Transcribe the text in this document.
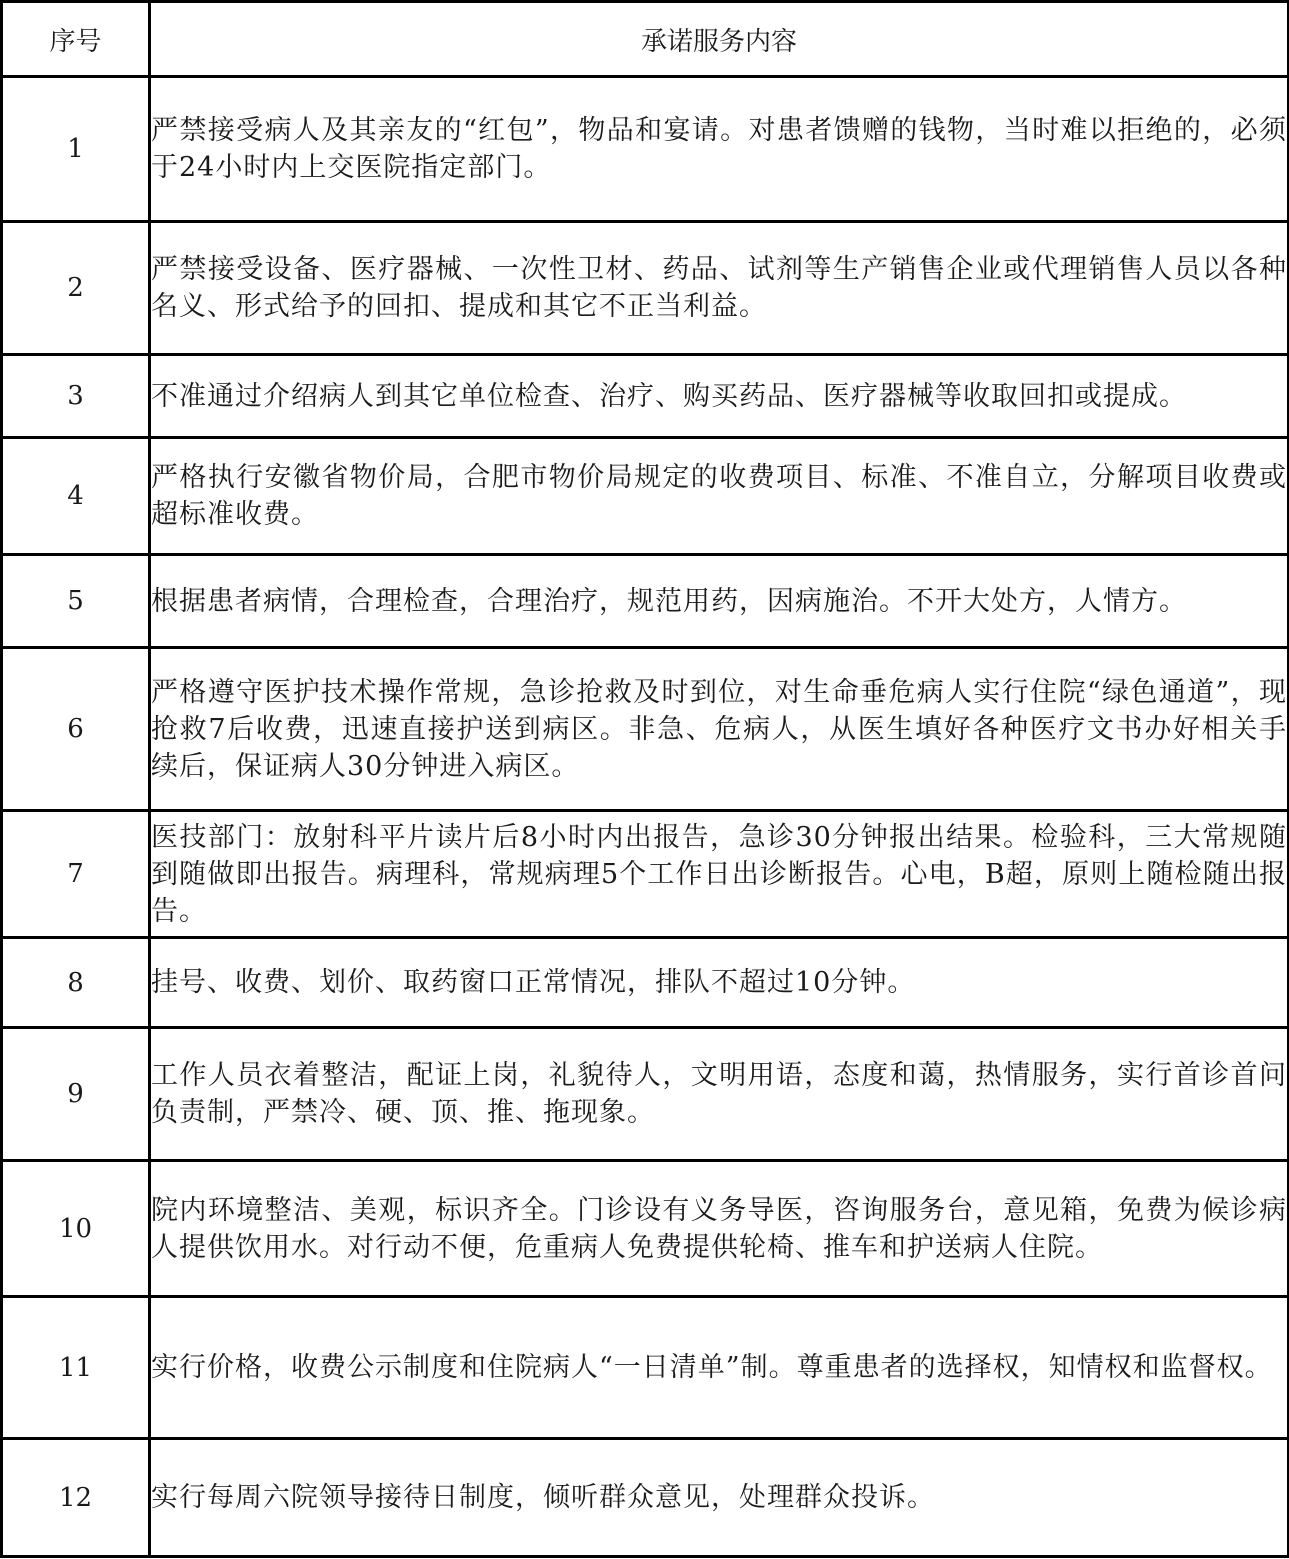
序号	承诺服务内容
1	严禁接受病人及其亲友的“红包”，物品和宴请。对患者馈赠的钱物，当时难以拒绝的，必须于24小时内上交医院指定部门。
2	严禁接受设备、医疗器械、一次性卫材、药品、试剂等生产销售企业或代理销售人员以各种名义、形式给予的回扣、提成和其它不正当利益。
3	不准通过介绍病人到其它单位检查、治疗、购买药品、医疗器械等收取回扣或提成。
4	严格执行安徽省物价局，合肥市物价局规定的收费项目、标准、不准自立，分解项目收费或超标准收费。
5	根据患者病情，合理检查，合理治疗，规范用药，因病施治。不开大处方，人情方。
6	严格遵守医护技术操作常规，急诊抢救及时到位，对生命垂危病人实行住院“绿色通道”，现抢救7后收费，迅速直接护送到病区。非急、危病人，从医生填好各种医疗文书办好相关手续后，保证病人30分钟进入病区。
7	医技部门：放射科平片读片后8小时内出报告，急诊30分钟报出结果。检验科，三大常规随到随做即出报告。病理科，常规病理5个工作日出诊断报告。心电，B超，原则上随检随出报告。
8	挂号、收费、划价、取药窗口正常情况，排队不超过10分钟。
9	工作人员衣着整洁，配证上岗，礼貌待人，文明用语，态度和蔼，热情服务，实行首诊首问负责制，严禁冷、硬、顶、推、拖现象。
10	院内环境整洁、美观，标识齐全。门诊设有义务导医，咨询服务台，意见箱，免费为候诊病人提供饮用水。对行动不便，危重病人免费提供轮椅、推车和护送病人住院。
11	实行价格，收费公示制度和住院病人“一日清单”制。尊重患者的选择权，知情权和监督权。
12	实行每周六院领导接待日制度，倾听群众意见，处理群众投诉。
